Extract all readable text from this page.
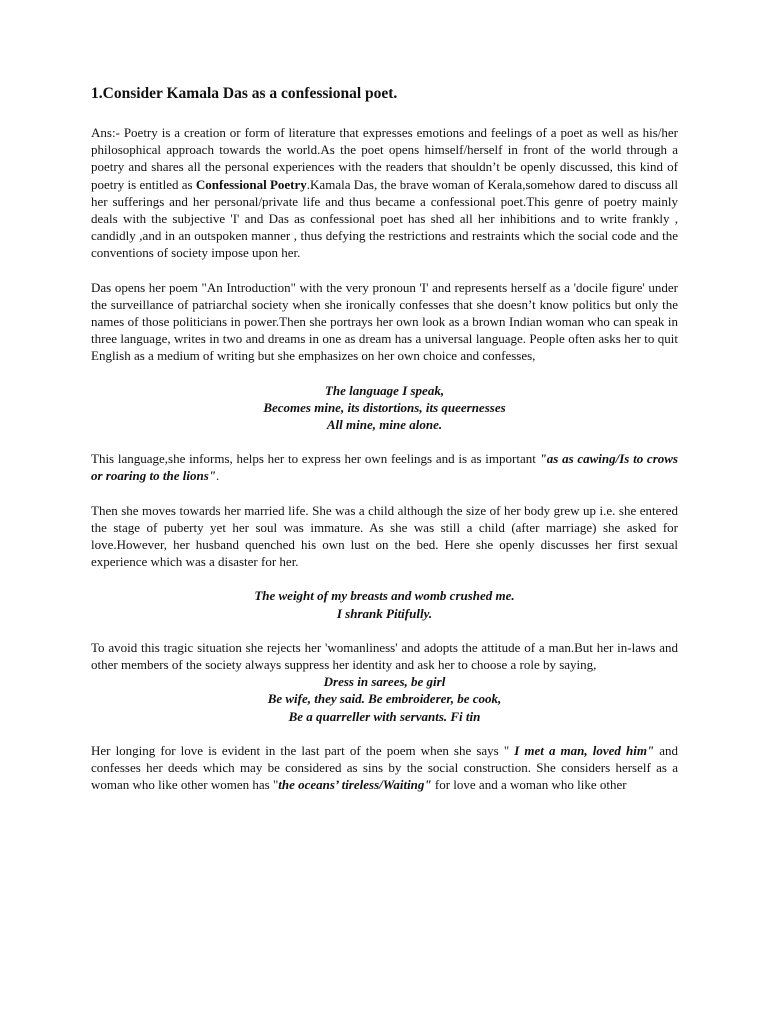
1.Consider Kamala Das as a confessional poet.

Ans:- Poetry is a creation or form of literature that expresses emotions and feelings of a poet as well as his/her philosophical approach towards the world.As the poet opens himself/herself in front of the world through a poetry and shares all the personal experiences with the readers that shouldn’t be openly discussed, this kind of poetry is entitled as Confessional Poetry.Kamala Das, the brave woman of Kerala,somehow dared to discuss all her sufferings and her personal/private life and thus became a confessional poet.This genre of poetry mainly deals with the subjective 'I' and Das as confessional poet has shed all her inhibitions and to write frankly , candidly ,and in an outspoken manner , thus defying the restrictions and restraints which the social code and the conventions of society impose upon her.

Das opens her poem "An Introduction" with the very pronoun 'I' and represents herself as a 'docile figure' under the surveillance of patriarchal society when she ironically confesses that she doesn’t know politics but only the names of those politicians in power.Then she portrays her own look as a brown Indian woman who can speak in three language, writes in two and dreams in one as dream has a universal language. People often asks her to quit English as a medium of writing but she emphasizes on her own choice and confesses,

The language I speak,
Becomes mine, its distortions, its queernesses
All mine, mine alone.

This language,she informs, helps her to express her own feelings and is as important "as as cawing/Is to crows or roaring to the lions".

Then she moves towards her married life. She was a child although the size of her body grew up i.e. she entered the stage of puberty yet her soul was immature. As she was still a child (after marriage) she asked for love.However, her husband quenched his own lust on the bed. Here she openly discusses her first sexual experience which was a disaster for her.

The weight of my breasts and womb crushed me.
I shrank Pitifully.

To avoid this tragic situation she rejects her 'womanliness' and adopts the attitude of a man.But her in-laws and other members of the society always suppress her identity and ask her to choose a role by saying,

Dress in sarees, be girl
Be wife, they said. Be embroiderer, be cook,
Be a quarreller with servants. Fi tin

Her longing for love is evident in the last part of the poem when she says " I met a man, loved him" and confesses her deeds which may be considered as sins by the social construction. She considers herself as a woman who like other women has "the oceans’ tireless/Waiting" for love and a woman who like other
